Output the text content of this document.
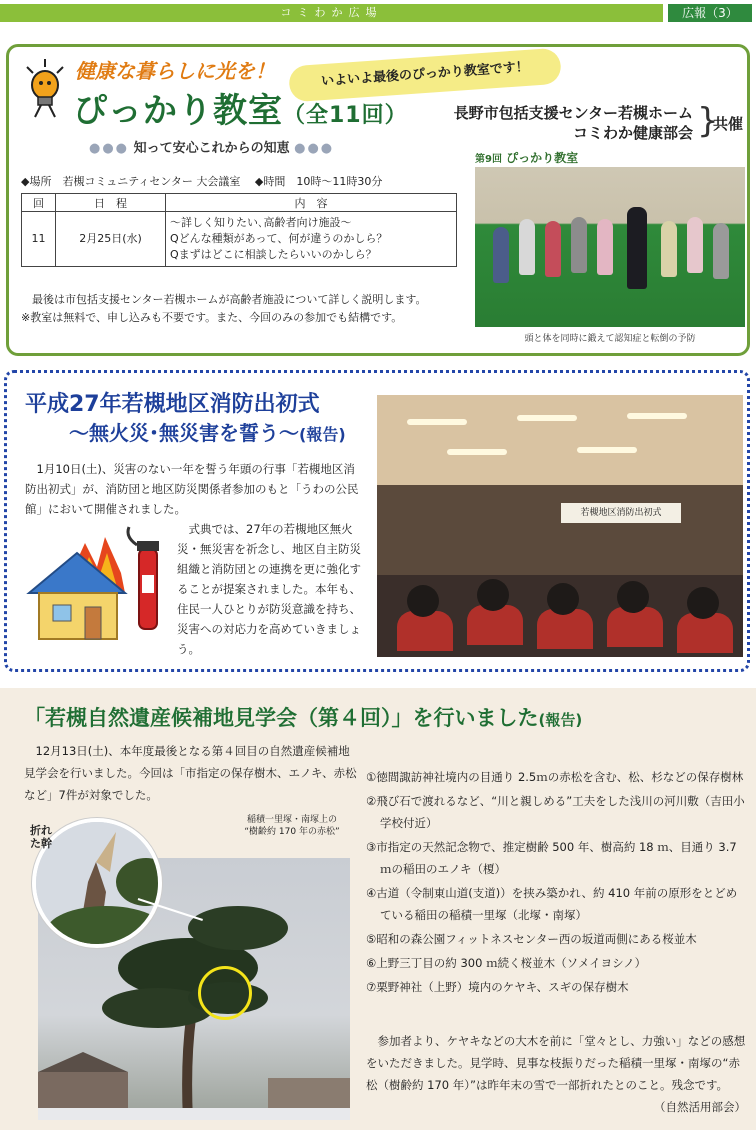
コミわか広場	広報（3）
健康な暮らしに光を！
ぴっかり教室（全11回）
いよいよ最後のぴっかり教室です！
●●● 知って安心これからの知恵 ●●●
長野市包括支援センター若槻ホーム
コミわか健康部会 }
共催
◆場所　若槻コミュニティセンター 大会議室　 ◆時間　10時～11時30分
回	日　程	内　容
11	2月25日(水)	～詳しく知りたい､高齢者向け施設～
Qどんな種類があって、何が違うのかしら？
Qまずはどこに相談したらいいのかしら？

　最後は市包括支援センター若槻ホームが高齢者施設について詳しく説明します。

※教室は無料で、申し込みも不要です。また、今回のみの参加でも結構です。

第9回 ぴっかり教室
頭と体を同時に鍛えて認知症と転倒の予防
平成27年若槻地区消防出初式
～無火災･無災害を誓う～(報告)

　1月10日(土)、災害のない一年を誓う年頭の行事「若槻地区消防出初式」が、消防団と地区防災関係者参加のもと「うわの公民館」において開催されました。

　式典では、27年の若槻地区無火災・無災害を祈念し、地区自主防災組織と消防団との連携を更に強化することが提案されました。本年も、住民一人ひとりが防災意識を持ち、災害への対応力を高めていきましょう。

若槻地区消防出初式
「若槻自然遺産候補地見学会（第４回）」を行いました(報告)

　12月13日(土)、本年度最後となる第４回目の自然遺産候補地見学会を行いました。今回は「市指定の保存樹木、エノキ、赤松など」7件が対象でした。

折れた幹
稲積一里塚・南塚上の
“樹齢約 170 年の赤松”
①徳間諏訪神社境内の目通り 2.5ｍの赤松を含む、松、杉などの保存樹林
②飛び石で渡れるなど、“川と親しめる”工夫をした浅川の河川敷（吉田小学校付近）
③市指定の天然記念物で、推定樹齢 500 年、樹高約 18 ｍ、目通り 3.7 ｍの稲田のエノキ（榎）
④古道（令制東山道(支道)）を挟み築かれ、約 410 年前の原形をとどめている稲田の稲積一里塚（北塚・南塚）
⑤昭和の森公園フィットネスセンター西の坂道両側にある桜並木
⑥上野三丁目の約 300 ｍ続く桜並木（ソメイヨシノ）
⑦栗野神社（上野）境内のケヤキ、スギの保存樹木
　参加者より、ケヤキなどの大木を前に「堂々とし、力強い」などの感想をいただきました。見学時、見事な枝振りだった稲積一里塚・南塚の“赤松（樹齢約 170 年）”は昨年末の雪で一部折れたとのこと。残念です。
（自然活用部会）
